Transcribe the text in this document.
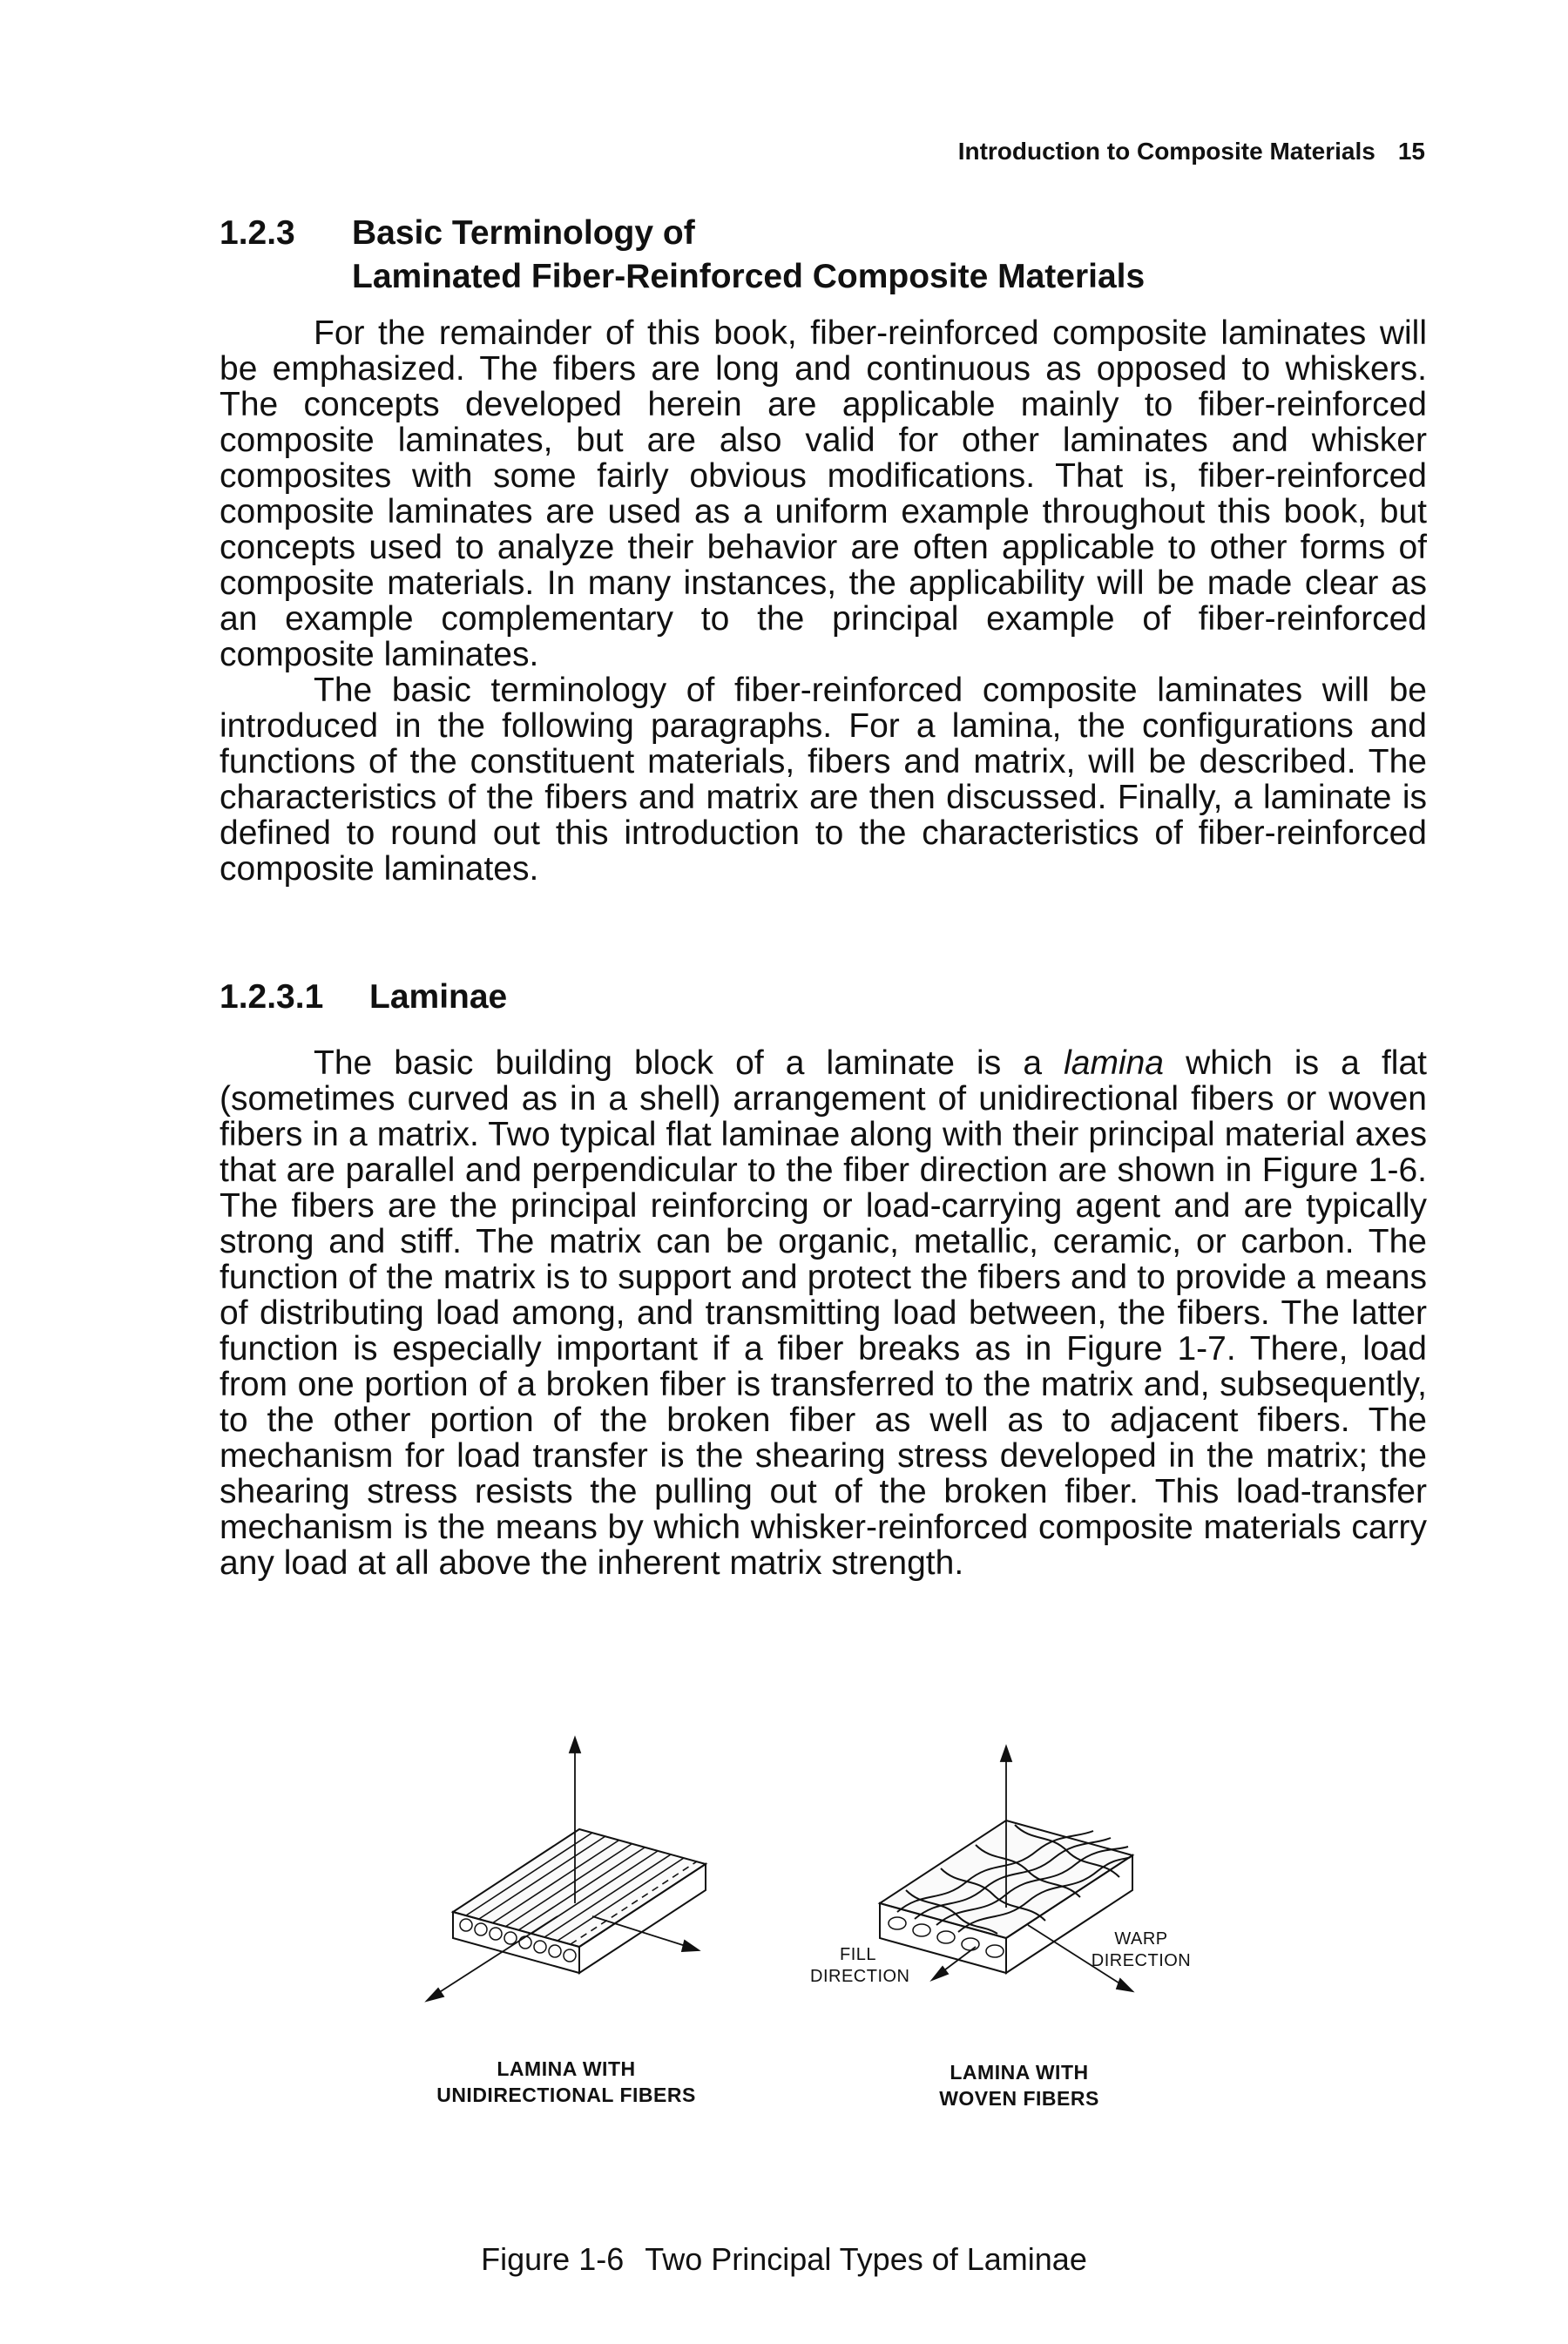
Introduction to Composite Materials 15
1.2.3 Basic Terminology of
Laminated Fiber-Reinforced Composite Materials

For the remainder of this book, fiber-reinforced composite laminates will be emphasized. The fibers are long and continuous as opposed to whiskers. The concepts developed herein are applicable mainly to fiber-reinforced composite laminates, but are also valid for other laminates and whisker composites with some fairly obvious modifications. That is, fiber-reinforced composite laminates are used as a uniform example throughout this book, but concepts used to analyze their behavior are often applicable to other forms of composite materials. In many instances, the applicability will be made clear as an example complementary to the principal example of fiber-reinforced composite laminates.

The basic terminology of fiber-reinforced composite laminates will be introduced in the following paragraphs. For a lamina, the configurations and functions of the constituent materials, fibers and matrix, will be described. The characteristics of the fibers and matrix are then discussed. Finally, a laminate is defined to round out this introduction to the characteristics of fiber-reinforced composite laminates.

1.2.3.1 Laminae

The basic building block of a laminate is a lamina which is a flat (sometimes curved as in a shell) arrangement of unidirectional fibers or woven fibers in a matrix. Two typical flat laminae along with their principal material axes that are parallel and perpendicular to the fiber direction are shown in Figure 1-6. The fibers are the principal reinforcing or load-carrying agent and are typically strong and stiff. The matrix can be organic, metallic, ceramic, or carbon. The function of the matrix is to support and protect the fibers and to provide a means of distributing load among, and transmitting load between, the fibers. The latter function is especially important if a fiber breaks as in Figure 1-7. There, load from one portion of a broken fiber is transferred to the matrix and, subsequently, to the other portion of the broken fiber as well as to adjacent fibers. The mechanism for load transfer is the shearing stress developed in the matrix; the shearing stress resists the pulling out of the broken fiber. This load-transfer mechanism is the means by which whisker-reinforced composite materials carry any load at all above the inherent matrix strength.

FILL
DIRECTION
WARP
DIRECTION
LAMINA WITH
UNIDIRECTIONAL FIBERS
LAMINA WITH
WOVEN FIBERS
Figure 1-6 Two Principal Types of Laminae
